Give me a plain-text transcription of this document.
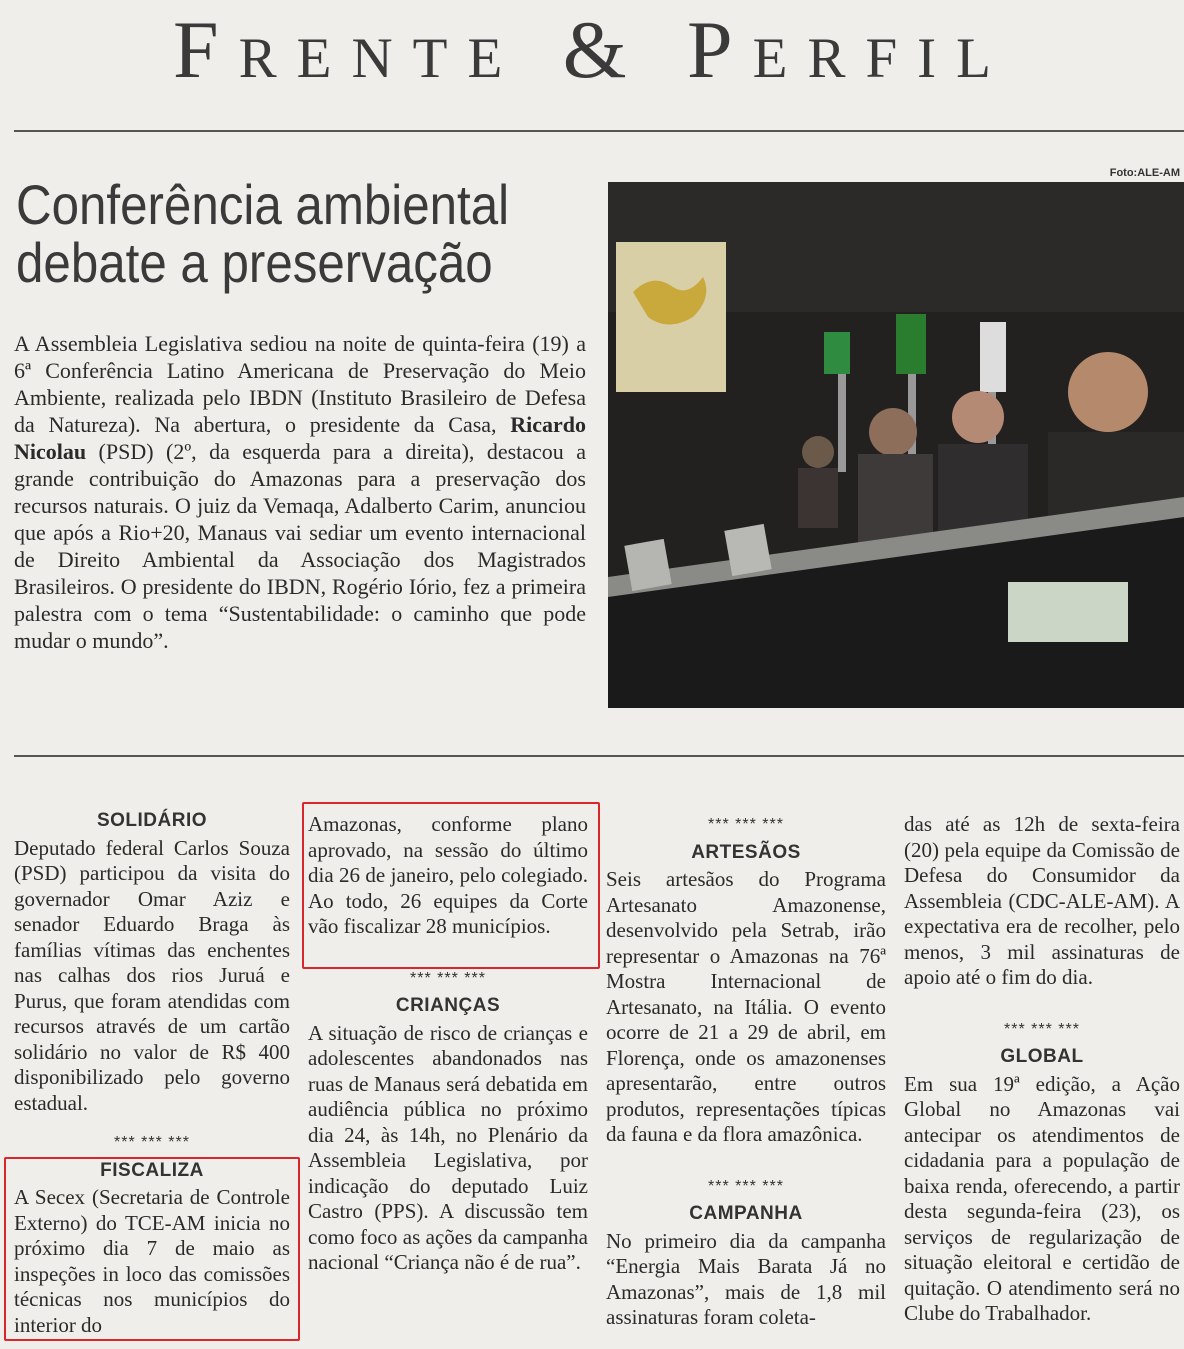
Frente & Perfil
Conferência ambiental debate a preservação

A Assembleia Legislativa sediou na noite de quinta-feira (19) a 6ª Conferência Latino Americana de Preservação do Meio Ambiente, realizada pelo IBDN (Instituto Brasileiro de Defesa da Natureza). Na abertura, o presidente da Casa, Ricardo Nicolau (PSD) (2º, da esquerda para a direita), destacou a grande contribuição do Amazonas para a preservação dos recursos naturais. O juiz da Vemaqa, Adalberto Carim, anunciou que após a Rio+20, Manaus vai sediar um evento internacional de Direito Ambiental da Associação dos Magistrados Brasileiros. O presidente do IBDN, Rogério Iório, fez a primeira palestra com o tema “Sustentabilidade: o caminho que pode mudar o mundo”.

Foto:ALE-AM
SOLIDÁRIO

Deputado federal Carlos Souza (PSD) participou da visita do governador Omar Aziz e senador Eduardo Braga às famílias vítimas das enchentes nas calhas dos rios Juruá e Purus, que foram atendidas com recursos através de um cartão solidário no valor de R$ 400 disponibilizado pelo governo estadual.

*** *** ***
FISCALIZA

A Secex (Secretaria de Controle Externo) do TCE-AM inicia no próximo dia 7 de maio as inspeções in loco das comissões técnicas nos municípios do interior do

Amazonas, conforme plano aprovado, na sessão do último dia 26 de janeiro, pelo colegiado. Ao todo, 26 equipes da Corte vão fiscalizar 28 municípios.

*** *** ***
CRIANÇAS

A situação de risco de crianças e adolescentes abandonados nas ruas de Manaus será debatida em audiência pública no próximo dia 24, às 14h, no Plenário da Assembleia Legislativa, por indicação do deputado Luiz Castro (PPS). A discussão tem como foco as ações da campanha nacional “Criança não é de rua”.

*** *** ***
ARTESÃOS

Seis artesãos do Programa Artesanato Amazonense, desenvolvido pela Setrab, irão representar o Amazonas na 76ª Mostra Internacional de Artesanato, na Itália. O evento ocorre de 21 a 29 de abril, em Florença, onde os amazonenses apresentarão, entre outros produtos, representações típicas da fauna e da flora amazônica.

*** *** ***
CAMPANHA

No primeiro dia da campanha “Energia Mais Barata Já no Amazonas”, mais de 1,8 mil assinaturas foram coleta-

das até as 12h de sexta-feira (20) pela equipe da Comissão de Defesa do Consumidor da Assembleia (CDC-ALE-AM). A expectativa era de recolher, pelo menos, 3 mil assinaturas de apoio até o fim do dia.

*** *** ***
GLOBAL

Em sua 19ª edição, a Ação Global no Amazonas vai antecipar os atendimentos de cidadania para a população de baixa renda, oferecendo, a partir desta segunda-feira (23), os serviços de regularização de situação eleitoral e certidão de quitação. O atendimento será no Clube do Trabalhador.
